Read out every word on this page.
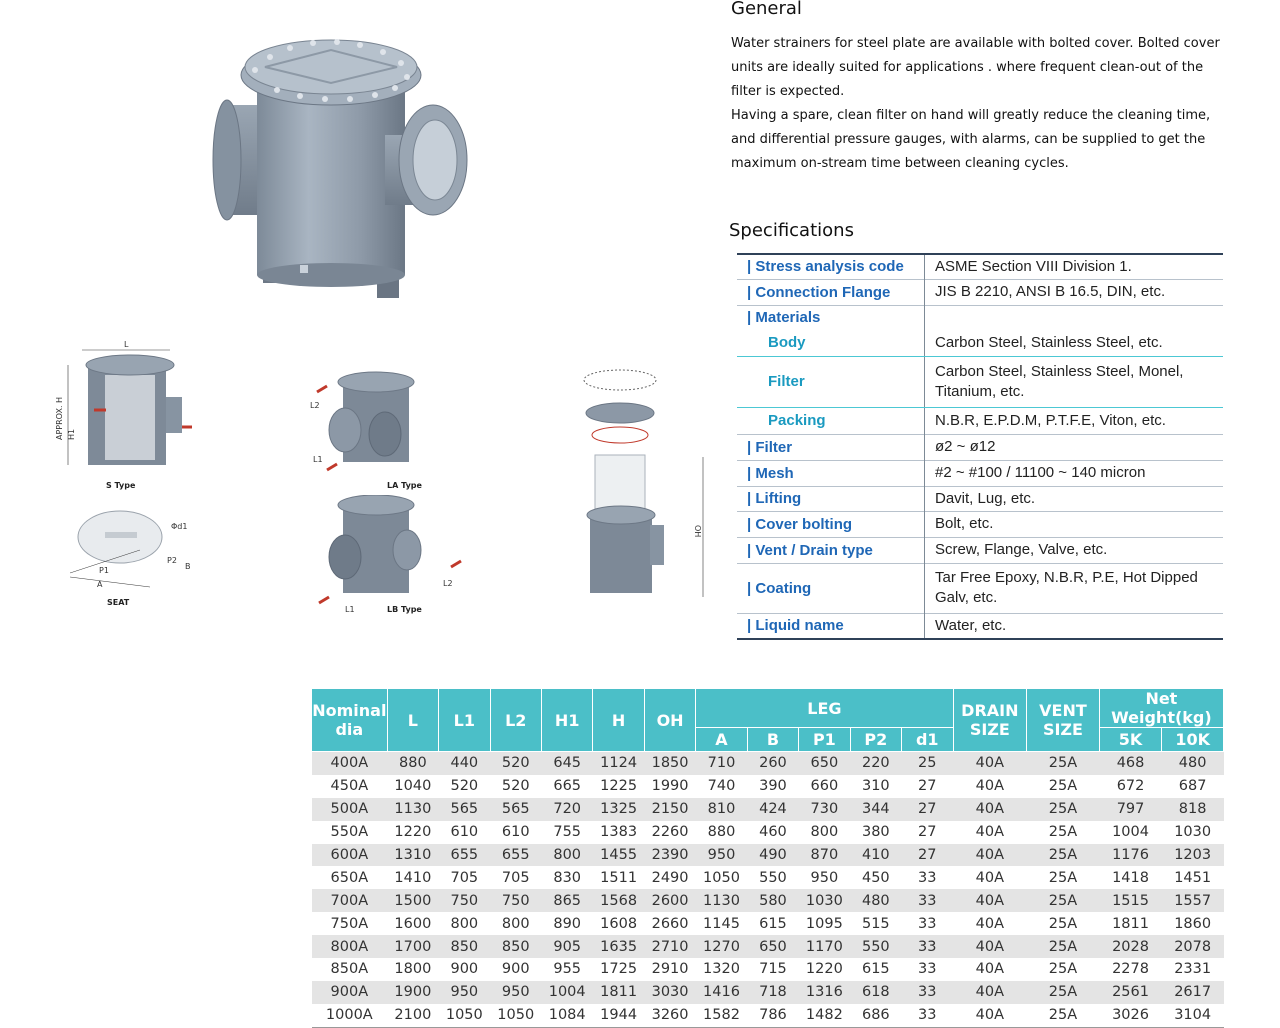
L
APPROX. H H1
S Type
Φd1
P1
P2
A
B
SEAT
L2
L1
LA Type
L2
L1	LB Type
OH
General

Water strainers for steel plate are available with bolted cover. Bolted cover units are ideally suited for applications . where frequent clean-out of the filter is expected.

Having a spare, clean filter on hand will greatly reduce the cleaning time, and differential pressure gauges, with alarms, can be supplied to get the maximum on-stream time between cleaning cycles.

Specifications
| Stress analysis code	ASME Section VIII Division 1.
| Connection Flange	JIS B 2210, ANSI B 16.5, DIN, etc.
| Materials	
Body	Carbon Steel, Stainless Steel, etc.
Filter	Carbon Steel, Stainless Steel, Monel, Titanium, etc.
Packing	N.B.R, E.P.D.M, P.T.F.E, Viton, etc.
| Filter	ø2 ~ ø12
| Mesh	#2 ~ #100 / 11100 ~ 140 micron
| Lifting	Davit, Lug, etc.
| Cover bolting	Bolt, etc.
| Vent / Drain type	Screw, Flange, Valve, etc.
| Coating	Tar Free Epoxy, N.B.R, P.E, Hot Dipped Galv, etc.
| Liquid name	Water, etc.
Nominal dia	L	L1	L2	H1	H	OH	LEG					DRAIN SIZE	VENT SIZE	Net Weight(kg)	
							A	B	P1	P2	d1			5K	10K
400A	880	440	520	645	1124	1850	710	260	650	220	25	40A	25A	468	480
450A	1040	520	520	665	1225	1990	740	390	660	310	27	40A	25A	672	687
500A	1130	565	565	720	1325	2150	810	424	730	344	27	40A	25A	797	818
550A	1220	610	610	755	1383	2260	880	460	800	380	27	40A	25A	1004	1030
600A	1310	655	655	800	1455	2390	950	490	870	410	27	40A	25A	1176	1203
650A	1410	705	705	830	1511	2490	1050	550	950	450	33	40A	25A	1418	1451
700A	1500	750	750	865	1568	2600	1130	580	1030	480	33	40A	25A	1515	1557
750A	1600	800	800	890	1608	2660	1145	615	1095	515	33	40A	25A	1811	1860
800A	1700	850	850	905	1635	2710	1270	650	1170	550	33	40A	25A	2028	2078
850A	1800	900	900	955	1725	2910	1320	715	1220	615	33	40A	25A	2278	2331
900A	1900	950	950	1004	1811	3030	1416	718	1316	618	33	40A	25A	2561	2617
1000A	2100	1050	1050	1084	1944	3260	1582	786	1482	686	33	40A	25A	3026	3104
